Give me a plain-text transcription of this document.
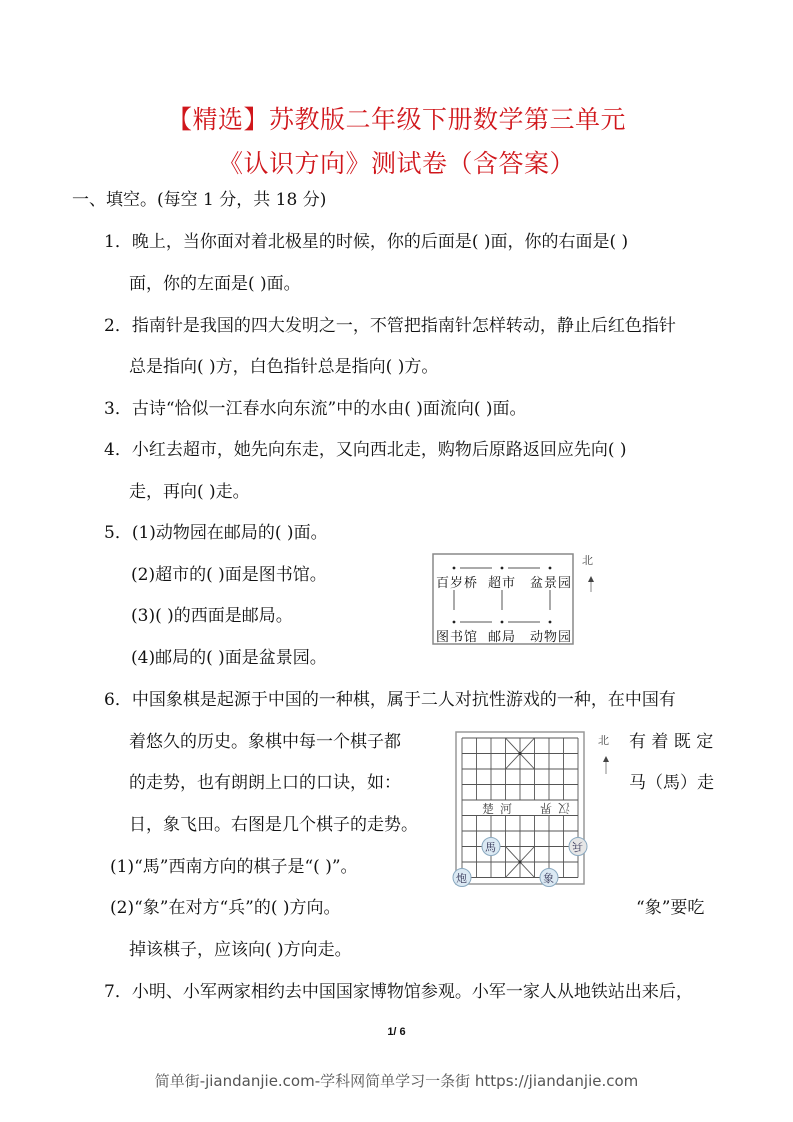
【精选】苏教版二年级下册数学第三单元
《认识方向》测试卷（含答案）
一、填空。(每空 1 分，共 18 分)
1．晚上，当你面对着北极星的时候，你的后面是( )面，你的右面是( )
面，你的左面是( )面。
2．指南针是我国的四大发明之一，不管把指南针怎样转动，静止后红色指针
总是指向( )方，白色指针总是指向( )方。
3．古诗“恰似一江春水向东流”中的水由( )面流向( )面。
4．小红去超市，她先向东走，又向西北走，购物后原路返回应先向( )
走，再向( )走。
5．(1)动物园在邮局的( )面。
(2)超市的( )面是图书馆。
(3)( )的西面是邮局。
(4)邮局的( )面是盆景园。
北
百岁桥 超市 盆景园
图书馆 邮局 动物园
6．中国象棋是起源于中国的一种棋，属于二人对抗性游戏的一种，在中国有
着悠久的历史。象棋中每一个棋子都	有 着 既 定
的走势，也有朗朗上口的口诀，如：	马（馬）走
日，象飞田。右图是几个棋子的走势。
(1)“馬”西南方向的棋子是“( )”。
(2)“象”在对方“兵”的( )方向。	“象”要吃
掉该棋子，应该向( )方向走。
北
楚河 汉界
馬	兵
炮	象
7．小明、小军两家相约去中国国家博物馆参观。小军一家人从地铁站出来后，
1/ 6
简单街-jiandanjie.com-学科网简单学习一条街 https://jiandanjie.com
